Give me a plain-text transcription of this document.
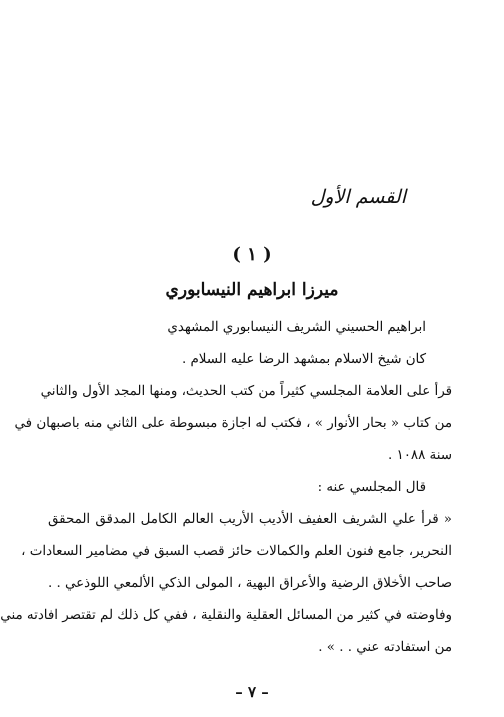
القسم الأول
( ١ )
ميرزا ابراهيم النيسابوري
ابراهيم الحسيني الشريف النيسابوري المشهدي
كان شيخ الاسلام بمشهد الرضا عليه السلام .
قرأ على العلامة المجلسي كثيراً من كتب الحديث، ومنها المجد الأول والثاني
من كتاب « بحار الأنوار » ، فكتب له اجازة مبسوطة على الثاني منه باصبهان في
سنة ١٠٨٨ .
قال المجلسي عنه :
« قرأ علي الشريف العفيف الأديب الأريب العالم الكامل المدقق المحقق
النحرير، جامع فنون العلم والكمالات حائز قصب السبق في مضامير السعادات ،
صاحب الأخلاق الرضية والأعراق البهية ، المولى الذكي الألمعي اللوذعي . .
وفاوضته في كثير من المسائل العقلية والنقلية ، ففي كل ذلك لم تقتصر افادته مني
من استفادته عني . . » .
– ٧ –
